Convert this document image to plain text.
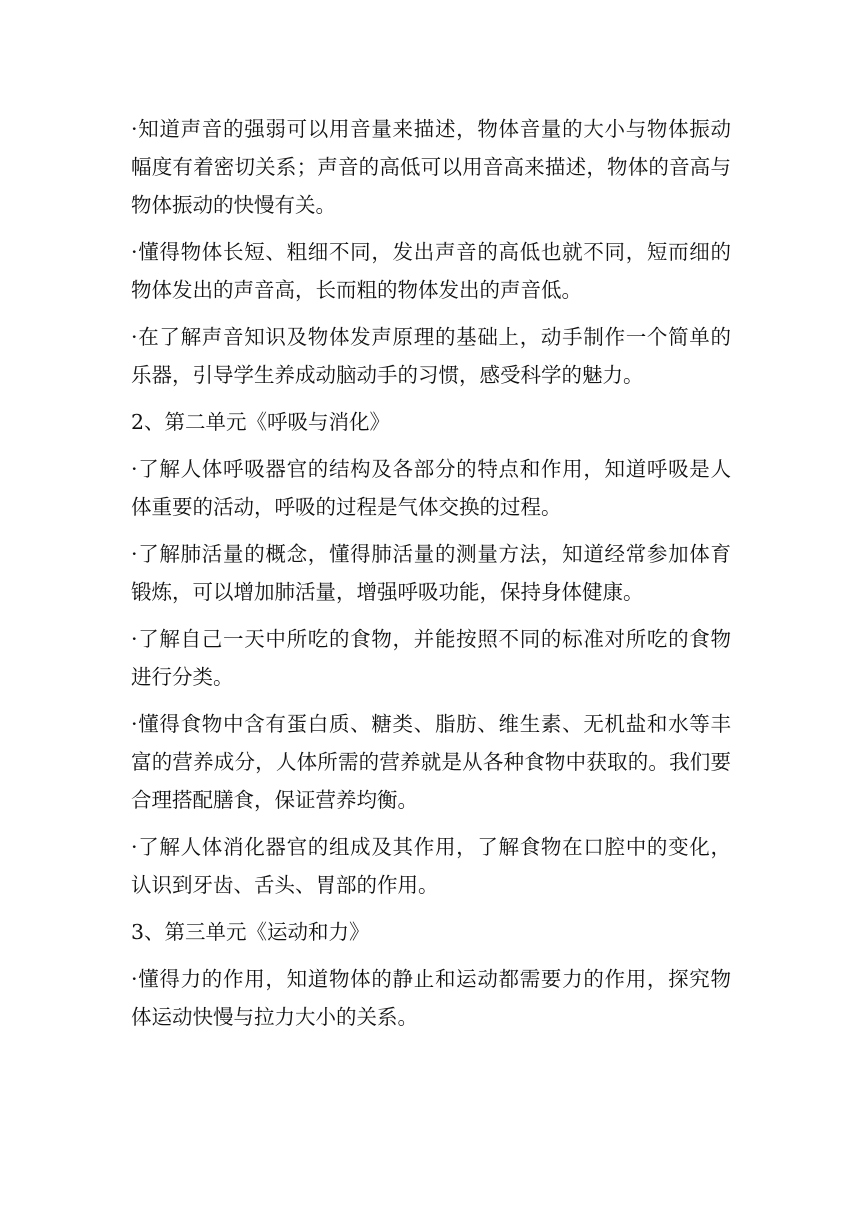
·知道声音的强弱可以用音量来描述，物体音量的大小与物体振动幅度有着密切关系；声音的高低可以用音高来描述，物体的音高与物体振动的快慢有关。

·懂得物体长短、粗细不同，发出声音的高低也就不同，短而细的物体发出的声音高，长而粗的物体发出的声音低。

·在了解声音知识及物体发声原理的基础上，动手制作一个简单的乐器，引导学生养成动脑动手的习惯，感受科学的魅力。

2、第二单元《呼吸与消化》

·了解人体呼吸器官的结构及各部分的特点和作用，知道呼吸是人体重要的活动，呼吸的过程是气体交换的过程。

·了解肺活量的概念，懂得肺活量的测量方法，知道经常参加体育锻炼，可以增加肺活量，增强呼吸功能，保持身体健康。

·了解自己一天中所吃的食物，并能按照不同的标准对所吃的食物进行分类。

·懂得食物中含有蛋白质、糖类、脂肪、维生素、无机盐和水等丰富的营养成分，人体所需的营养就是从各种食物中获取的。我们要合理搭配膳食，保证营养均衡。

·了解人体消化器官的组成及其作用，了解食物在口腔中的变化，认识到牙齿、舌头、胃部的作用。

3、第三单元《运动和力》

·懂得力的作用，知道物体的静止和运动都需要力的作用，探究物体运动快慢与拉力大小的关系。
